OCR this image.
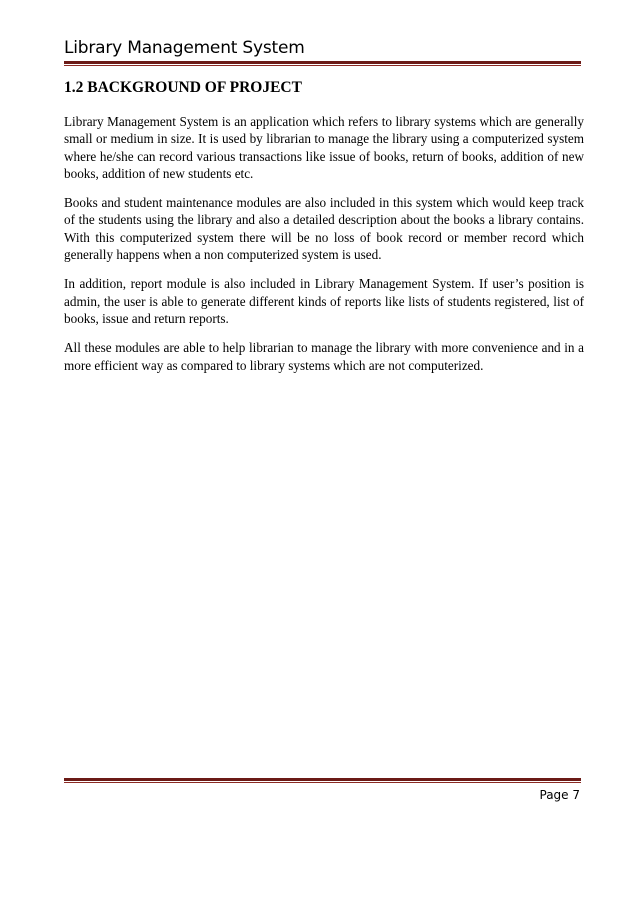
Library Management System
1.2 BACKGROUND OF PROJECT

Library Management System is an application which refers to library systems which are generally small or medium in size. It is used by librarian to manage the library using a computerized system where he/she can record various transactions like issue of books, return of books, addition of new books, addition of new students etc.

Books and student maintenance modules are also included in this system which would keep track of the students using the library and also a detailed description about the books a library contains. With this computerized system there will be no loss of book record or member record which generally happens when a non computerized system is used.

In addition, report module is also included in Library Management System. If user’s position is admin, the user is able to generate different kinds of reports like lists of students registered, list of books, issue and return reports.

All these modules are able to help librarian to manage the library with more convenience and in a more efficient way as compared to library systems which are not computerized.

Page 7
